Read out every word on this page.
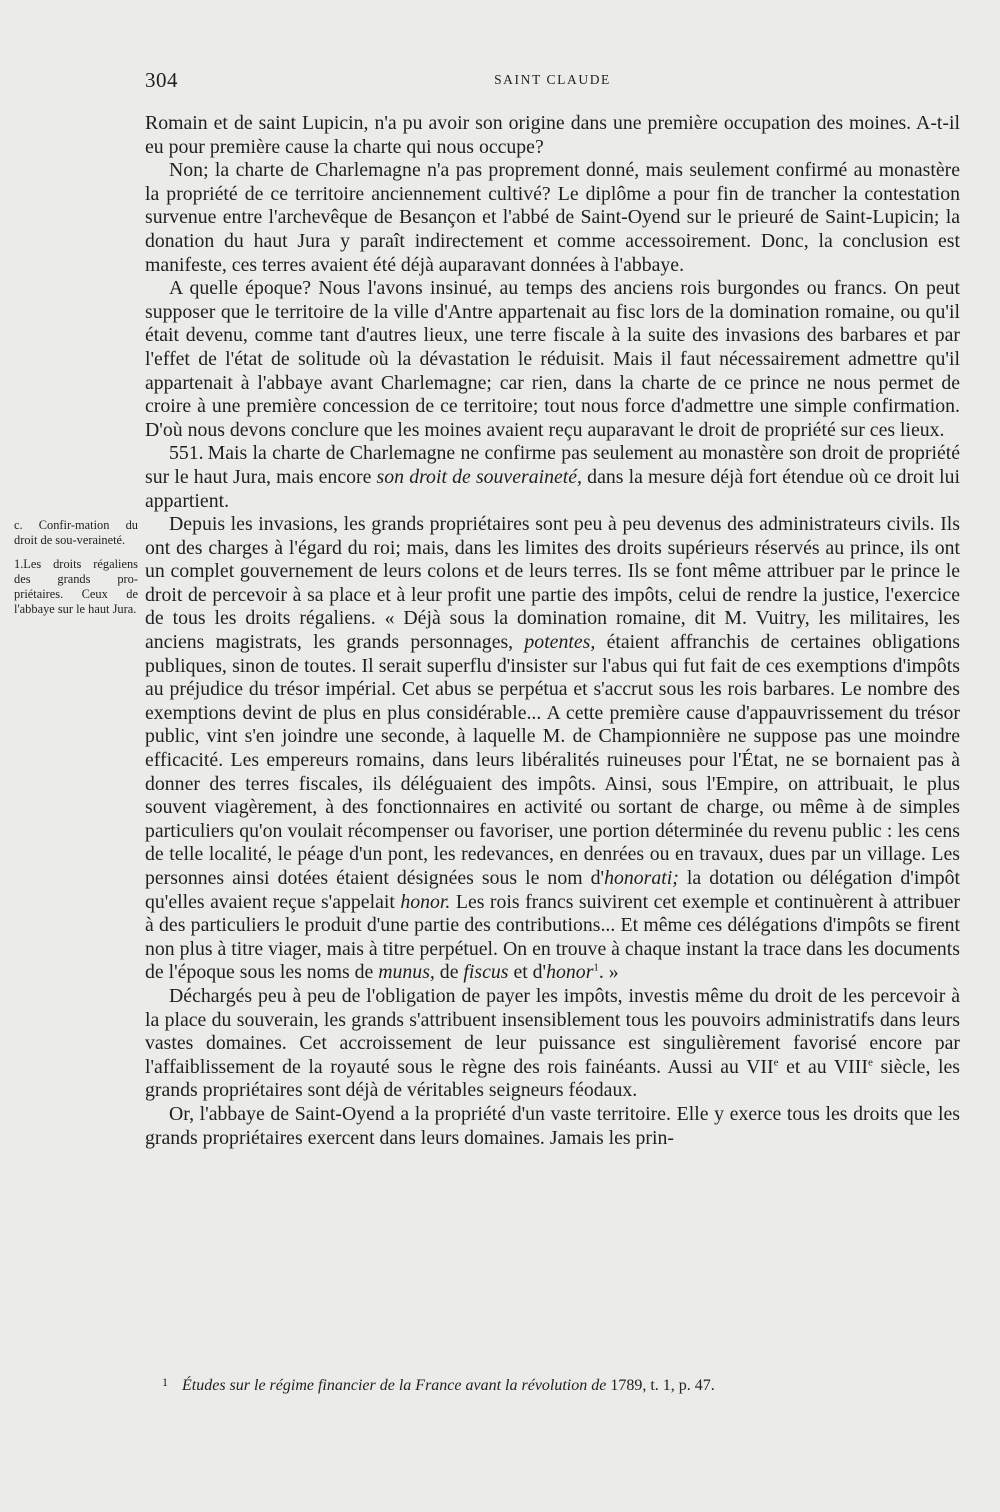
304	SAINT CLAUDE

c. Confir-mation du droit de sou-veraineté.

1.Les droits régaliens des grands pro-priétaires. Ceux de l'abbaye sur le haut Jura.

Romain et de saint Lupicin, n'a pu avoir son origine dans une première occupation des moines. A-t-il eu pour première cause la charte qui nous occupe?

Non; la charte de Charlemagne n'a pas proprement donné, mais seulement confirmé au monastère la propriété de ce territoire anciennement cultivé? Le diplôme a pour fin de trancher la contestation survenue entre l'archevêque de Besançon et l'abbé de Saint-Oyend sur le prieuré de Saint-Lupicin; la donation du haut Jura y paraît indirectement et comme accessoirement. Donc, la conclusion est manifeste, ces terres avaient été déjà auparavant données à l'abbaye.

A quelle époque? Nous l'avons insinué, au temps des anciens rois burgondes ou francs. On peut supposer que le territoire de la ville d'Antre appartenait au fisc lors de la domination romaine, ou qu'il était devenu, comme tant d'autres lieux, une terre fiscale à la suite des invasions des barbares et par l'effet de l'état de solitude où la dévastation le réduisit. Mais il faut nécessairement admettre qu'il appartenait à l'abbaye avant Charlemagne; car rien, dans la charte de ce prince ne nous permet de croire à une première concession de ce territoire; tout nous force d'admettre une simple confirmation. D'où nous devons conclure que les moines avaient reçu auparavant le droit de propriété sur ces lieux.

551. Mais la charte de Charlemagne ne confirme pas seulement au monastère son droit de propriété sur le haut Jura, mais encore son droit de souveraineté, dans la mesure déjà fort étendue où ce droit lui appartient.

Depuis les invasions, les grands propriétaires sont peu à peu devenus des administrateurs civils. Ils ont des charges à l'égard du roi; mais, dans les limites des droits supérieurs réservés au prince, ils ont un complet gouvernement de leurs colons et de leurs terres. Ils se font même attribuer par le prince le droit de percevoir à sa place et à leur profit une partie des impôts, celui de rendre la justice, l'exercice de tous les droits régaliens. « Déjà sous la domination romaine, dit M. Vuitry, les militaires, les anciens magistrats, les grands personnages, potentes, étaient affranchis de certaines obligations publiques, sinon de toutes. Il serait superflu d'insister sur l'abus qui fut fait de ces exemptions d'impôts au préjudice du trésor impérial. Cet abus se perpétua et s'accrut sous les rois barbares. Le nombre des exemptions devint de plus en plus considérable... A cette première cause d'appauvrissement du trésor public, vint s'en joindre une seconde, à laquelle M. de Championnière ne suppose pas une moindre efficacité. Les empereurs romains, dans leurs libéralités ruineuses pour l'État, ne se bornaient pas à donner des terres fiscales, ils déléguaient des impôts. Ainsi, sous l'Empire, on attribuait, le plus souvent viagèrement, à des fonctionnaires en activité ou sortant de charge, ou même à de simples particuliers qu'on voulait récompenser ou favoriser, une portion déterminée du revenu public : les cens de telle localité, le péage d'un pont, les redevances, en denrées ou en travaux, dues par un village. Les personnes ainsi dotées étaient désignées sous le nom d'honorati; la dotation ou délégation d'impôt qu'elles avaient reçue s'appelait honor. Les rois francs suivirent cet exemple et continuèrent à attribuer à des particuliers le produit d'une partie des contributions... Et même ces délégations d'impôts se firent non plus à titre viager, mais à titre perpétuel. On en trouve à chaque instant la trace dans les documents de l'époque sous les noms de munus, de fiscus et d'honor$^1$. »

Déchargés peu à peu de l'obligation de payer les impôts, investis même du droit de les percevoir à la place du souverain, les grands s'attribuent insensiblement tous les pouvoirs administratifs dans leurs vastes domaines. Cet accroissement de leur puissance est singulièrement favorisé encore par l'affaiblissement de la royauté sous le règne des rois fainéants. Aussi au VIIe et au VIIIe siècle, les grands propriétaires sont déjà de véritables seigneurs féodaux.

Or, l'abbaye de Saint-Oyend a la propriété d'un vaste territoire. Elle y exerce tous les droits que les grands propriétaires exercent dans leurs domaines. Jamais les prin-

$^1$ Études sur le régime financier de la France avant la révolution de 1789, t. 1, p. 47.
